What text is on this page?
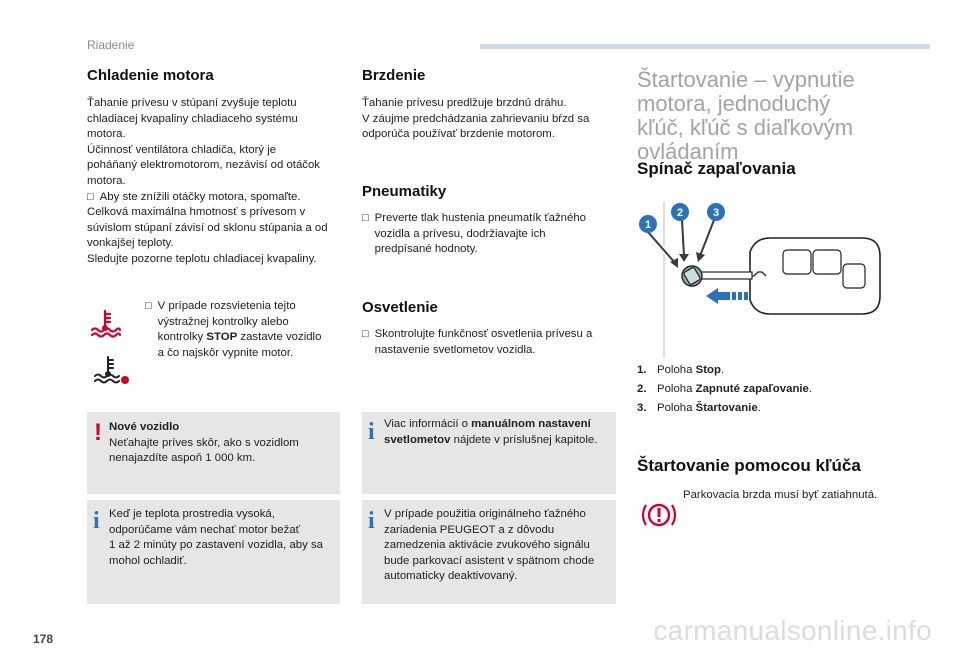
Riadenie
178	carmanualsonline.info
Chladenie motora

Ťahanie prívesu v stúpaní zvyšuje teplotu

chladiacej kvapaliny chladiaceho systému

motora.

Účinnosť ventilátora chladiča, ktorý je

poháňaný elektromotorom, nezávisí od otáčok

motora.

□ Aby ste znížili otáčky motora, spomaľte.

Celková maximálna hmotnosť s prívesom v

súvislom stúpaní závisí od sklonu stúpania a od

vonkajšej teploty.

Sledujte pozorne teplotu chladiacej kvapaliny.

□ V prípade rozsvietenia tejto

výstražnej kontrolky alebo

kontrolky STOP zastavte vozidlo

a čo najskôr vypnite motor.

! Nové vozidlo

Neťahajte príves skôr, ako s vozidlom

nenajazdíte aspoň 1 000 km.

i Keď je teplota prostredia vysoká,

odporúčame vám nechať motor bežať

1 až 2 minúty po zastavení vozidla, aby sa

mohol ochladiť.

Brzdenie

Ťahanie prívesu predlžuje brzdnú dráhu.

V záujme predchádzania zahrievaniu bŕzd sa

odporúča používať brzdenie motorom.

Pneumatiky
□ Preverte tlak hustenia pneumatík ťažného

vozidla a prívesu, dodržiavajte ich

predpísané hodnoty.

Osvetlenie
□ Skontrolujte funkčnosť osvetlenia prívesu a

nastavenie svetlometov vozidla.

i Viac informácií o manuálnom nastavení

svetlometov nájdete v príslušnej kapitole.

i V prípade použitia originálneho ťažného

zariadenia PEUGEOT a z dôvodu

zamedzenia aktivácie zvukového signálu

bude parkovací asistent v spätnom chode

automaticky deaktivovaný.

Štartovanie – vypnutie

motora, jednoduchý

kľúč, kľúč s diaľkovým

ovládaním

Spínač zapaľovania
1
2	3
1. Poloha Stop.
2. Poloha Zapnuté zapaľovanie.
3. Poloha Štartovanie.
Štartovanie pomocou kľúča
Parkovacia brzda musí byť zatiahnutá.
